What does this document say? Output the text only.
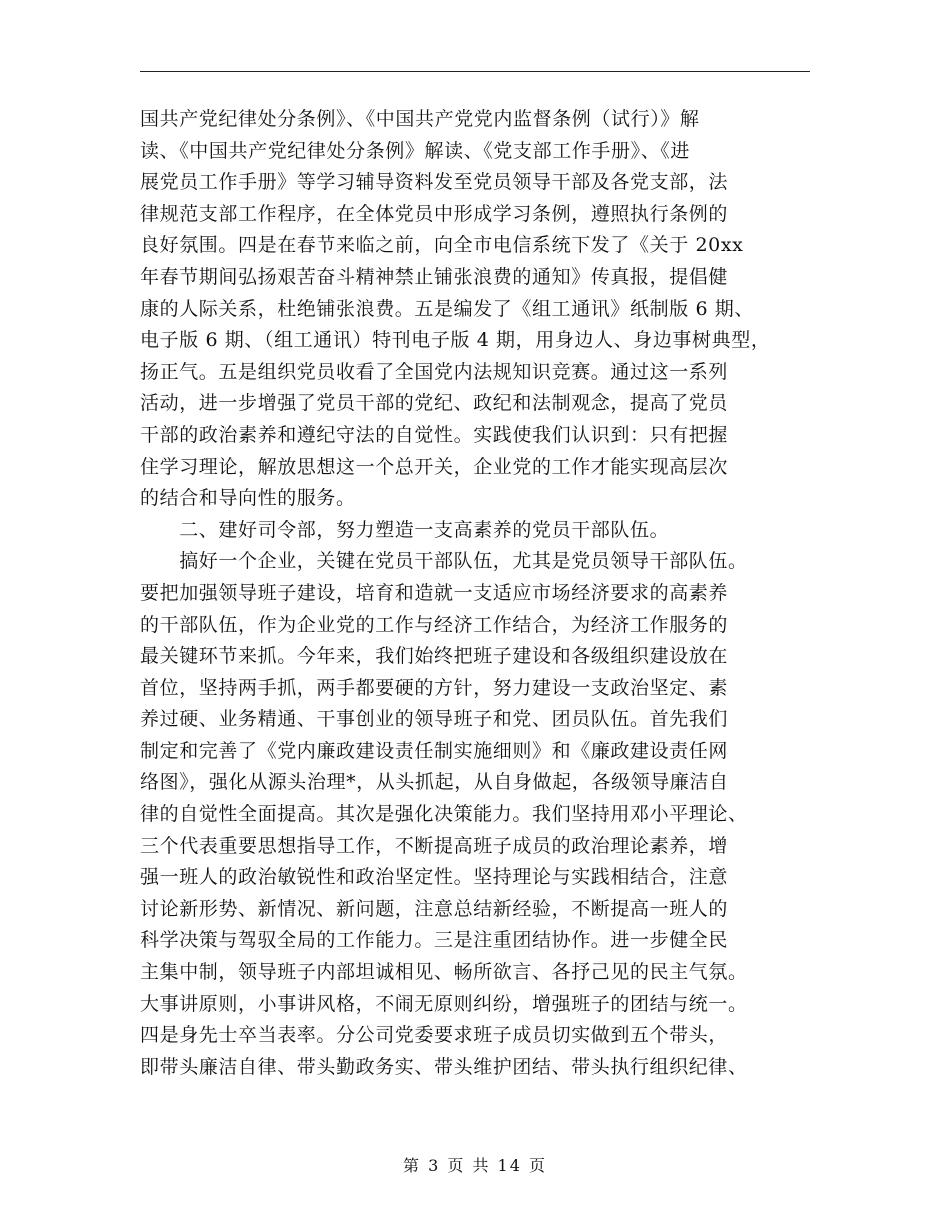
国共产党纪律处分条例》、《中国共产党党内监督条例（试行）》解
读、《中国共产党纪律处分条例》解读、《党支部工作手册》、《进
展党员工作手册》等学习辅导资料发至党员领导干部及各党支部，法
律规范支部工作程序，在全体党员中形成学习条例，遵照执行条例的
良好氛围。四是在春节来临之前，向全市电信系统下发了《关于 20xx
年春节期间弘扬艰苦奋斗精神禁止铺张浪费的通知》传真报，提倡健
康的人际关系，杜绝铺张浪费。五是编发了《组工通讯》纸制版 6 期、
电子版 6 期、（组工通讯）特刊电子版 4 期，用身边人、身边事树典型，
扬正气。五是组织党员收看了全国党内法规知识竞赛。通过这一系列
活动，进一步增强了党员干部的党纪、政纪和法制观念，提高了党员
干部的政治素养和遵纪守法的自觉性。实践使我们认识到：只有把握
住学习理论，解放思想这一个总开关，企业党的工作才能实现高层次
的结合和导向性的服务。
　　二、建好司令部，努力塑造一支高素养的党员干部队伍。
　　搞好一个企业，关键在党员干部队伍，尤其是党员领导干部队伍。
要把加强领导班子建设，培育和造就一支适应市场经济要求的高素养
的干部队伍，作为企业党的工作与经济工作结合，为经济工作服务的
最关键环节来抓。今年来，我们始终把班子建设和各级组织建设放在
首位，坚持两手抓，两手都要硬的方针，努力建设一支政治坚定、素
养过硬、业务精通、干事创业的领导班子和党、团员队伍。首先我们
制定和完善了《党内廉政建设责任制实施细则》和《廉政建设责任网
络图》，强化从源头治理*，从头抓起，从自身做起，各级领导廉洁自
律的自觉性全面提高。其次是强化决策能力。我们坚持用邓小平理论、
三个代表重要思想指导工作，不断提高班子成员的政治理论素养，增
强一班人的政治敏锐性和政治坚定性。坚持理论与实践相结合，注意
讨论新形势、新情况、新问题，注意总结新经验，不断提高一班人的
科学决策与驾驭全局的工作能力。三是注重团结协作。进一步健全民
主集中制，领导班子内部坦诚相见、畅所欲言、各抒己见的民主气氛。
大事讲原则，小事讲风格，不闹无原则纠纷，增强班子的团结与统一。
四是身先士卒当表率。分公司党委要求班子成员切实做到五个带头，
即带头廉洁自律、带头勤政务实、带头维护团结、带头执行组织纪律、
第 3 页 共 14 页
